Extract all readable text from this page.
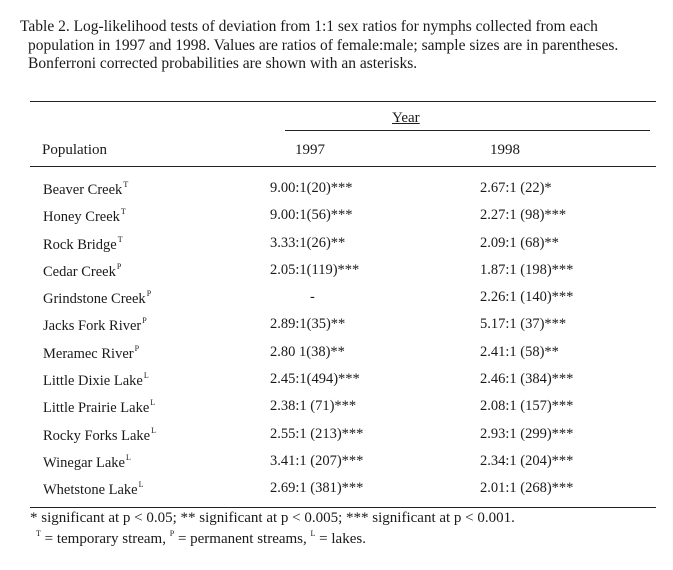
Table 2. Log-likelihood tests of deviation from 1:1 sex ratios for nymphs collected from each population in 1997 and 1998. Values are ratios of female:male; sample sizes are in parentheses. Bonferroni corrected probabilities are shown with an asterisks.
Year
Population	1997	1998
Beaver Creek$^T$	9.00:1(20)***	2.67:1 (22)*
Honey Creek$^T$	9.00:1(56)***	2.27:1 (98)***
Rock Bridge$^T$	3.33:1(26)**	2.09:1 (68)**
Cedar Creek$^P$	2.05:1(119)***	1.87:1 (198)***
Grindstone Creek$^P$	-	2.26:1 (140)***
Jacks Fork River$^P$	2.89:1(35)**	5.17:1 (37)***
Meramec River$^P$	2.80 1(38)**	2.41:1 (58)**
Little Dixie Lake$^L$	2.45:1(494)***	2.46:1 (384)***
Little Prairie Lake$^L$	2.38:1 (71)***	2.08:1 (157)***
Rocky Forks Lake$^L$	2.55:1 (213)***	2.93:1 (299)***
Winegar Lake$^L$	3.41:1 (207)***	2.34:1 (204)***
Whetstone Lake$^L$	2.69:1 (381)***	2.01:1 (268)***
* significant at p < 0.05; ** significant at p < 0.005; *** significant at p < 0.001.
$^T$ = temporary stream, $^P$ = permanent streams, $^L$ = lakes.
